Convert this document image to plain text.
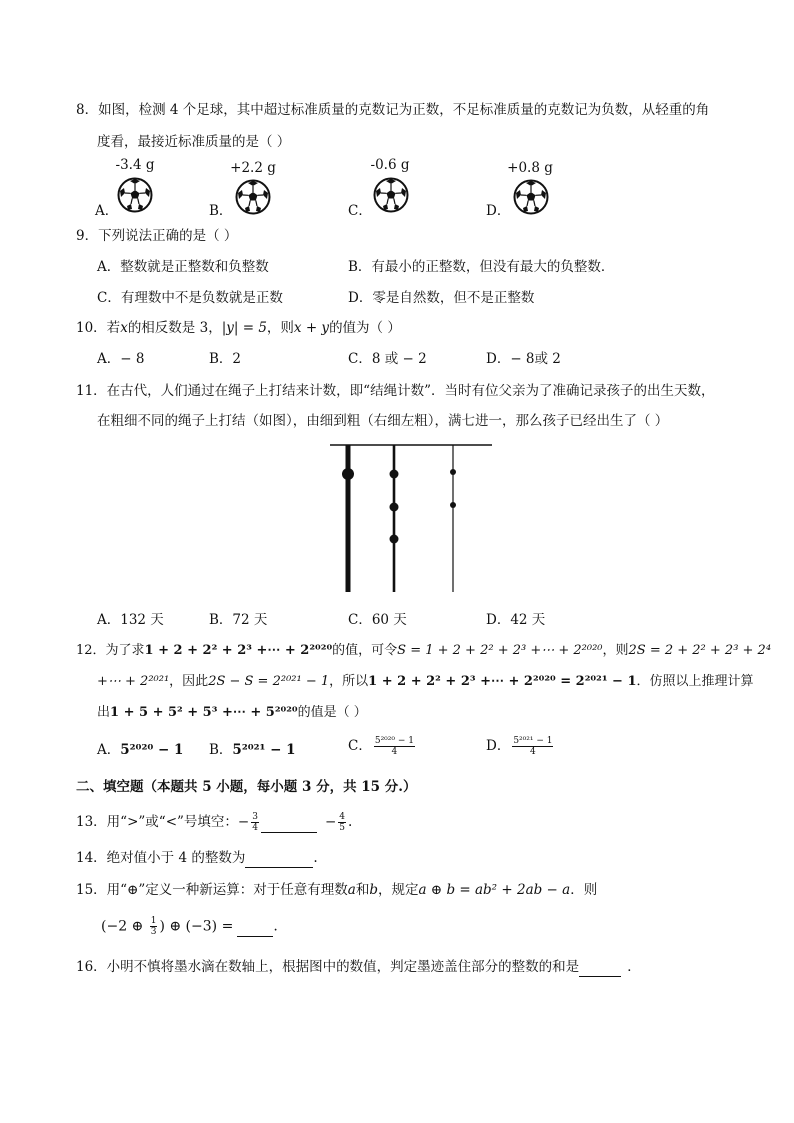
8．如图，检测 4 个足球，其中超过标准质量的克数记为正数，不足标准质量的克数记为负数，从轻重的角
度看，最接近标准质量的是（ ）
-3.4 g
A．
+2.2 g
B．
-0.6 g
C．
+0.8 g
D．
9．下列说法正确的是（ ）
A．整数就是正整数和负整数	B．有最小的正整数，但没有最大的负整数．
C．有理数中不是负数就是正数	D．零是自然数，但不是正整数
10．若x的相反数是 3，|y| = 5，则x + y的值为（ ）
A．− 8	B．2	C．8 或 − 2	D．− 8或 2
11．在古代，人们通过在绳子上打结来计数，即“结绳计数”．当时有位父亲为了准确记录孩子的出生天数，
在粗细不同的绳子上打结（如图），由细到粗（右细左粗），满七进一，那么孩子已经出生了（ ）
A．132 天	B．72 天	C．60 天	D．42 天
12．为了求1 + 2 + 2² + 2³ +⋯ + 2²⁰²⁰的值，可令S = 1 + 2 + 2² + 2³ +⋯ + 2²⁰²⁰，则2S = 2 + 2² + 2³ + 2⁴
+⋯ + 2²⁰²¹，因此2S − S = 2²⁰²¹ − 1，所以1 + 2 + 2² + 2³ +⋯ + 2²⁰²⁰ = 2²⁰²¹ − 1．仿照以上推理计算
出1 + 5 + 5² + 5³ +⋯ + 5²⁰²⁰的值是（ ）
A．5²⁰²⁰ − 1 B．5²⁰²¹ − 1	C． $\frac{\text{5²⁰²⁰ − 1}}{4}$	D． $\frac{\text{5²⁰²¹ − 1}}{4}$
二、填空题（本题共 5 小题，每小题 3 分，共 15 分.）
13．用“>”或“<”号填空：− $\frac{3}{4}$	− $\frac{4}{5}$ .
14．绝对值小于 4 的整数为	.
15．用“⊕”定义一种新运算：对于任意有理数a和b，规定a ⊕ b = ab² + 2ab − a．则
(−2 ⊕ $\frac{1}{3}$ ) ⊕ (−3) =	.
16．小明不慎将墨水滴在数轴上，根据图中的数值，判定墨迹盖住部分的整数的和是	．
